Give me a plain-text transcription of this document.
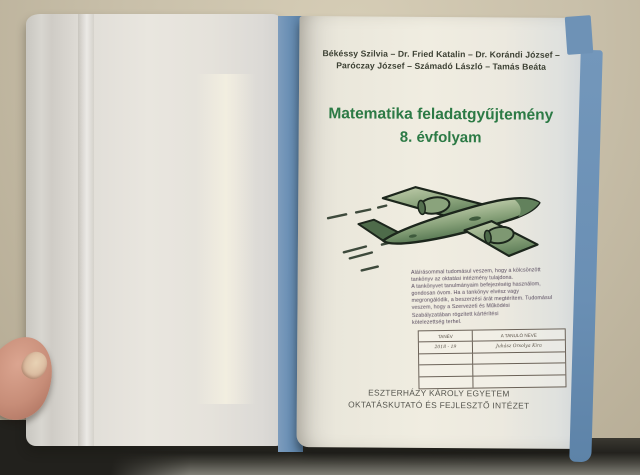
Békéssy Szilvia – Dr. Fried Katalin – Dr. Korándi József –
Paróczay József – Számadó László – Tamás Beáta
Matematika feladatgyűjtemény
8. évfolyam
Aláírásommal tudomásul veszem, hogy a kölcsönzött
tankönyv az oktatási intézmény tulajdona.
A tankönyvet tanulmányaim befejezéséig használom,
gondosan óvom. Ha a tankönyv elvész vagy
megrongálódik, a beszerzési árát megtérítem. Tudomásul
veszem, hogy a Szervezeti és Működési
Szabályzatában rögzített kártérítési
kötelezettség terhel.
TANÉV	A TANULÓ NEVE
2018 - 19	Juhász Orsolya Kira
ESZTERHÁZY KÁROLY EGYETEM
OKTATÁSKUTATÓ ÉS FEJLESZTŐ INTÉZET
